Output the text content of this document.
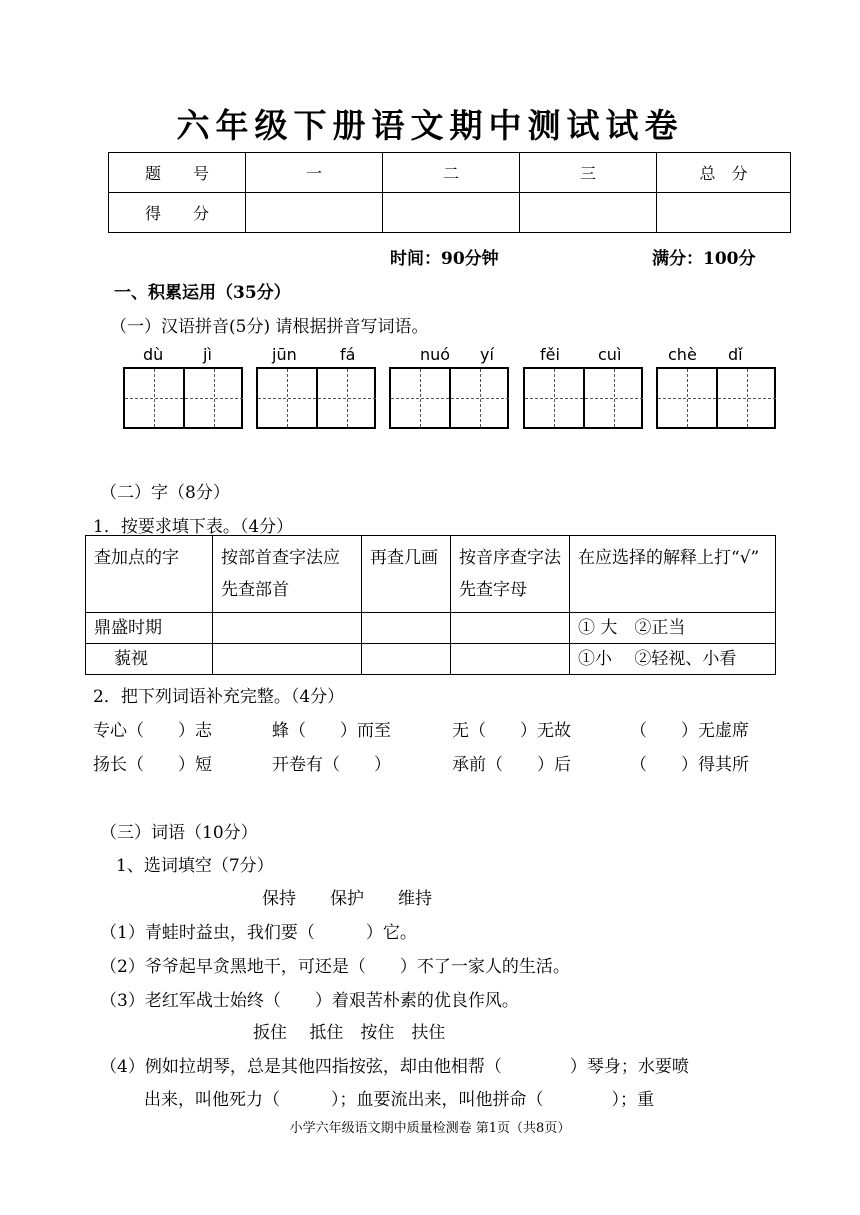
六年级下册语文期中测试试卷
题　　号	一	二	三	总　分
得　　分				
时间：90分钟	满分：100分
一、积累运用（35分）
（一）汉语拼音(5分) 请根据拼音写词语。
dù jì	jūn	fá	nuó yí	fěi cuì	chè dǐ
（二）字（8分）
1．按要求填下表。（4分）
查加点的字	按部首查字法应先查部首	再查几画	按音序查字法先查字母	在应选择的解释上打“√”
鼎盛时期				① 大　②正当
藐视				①小　 ②轻视、小看
2．把下列词语补充完整。（4分）
专心（　　）志	蜂（　　）而至	无（　　）无故	（　　）无虚席
扬长（　　）短	开卷有（　　）	承前（　　）后	（　　）得其所
（三）词语（10分）
1、选词填空（7分）
保持　　保护　　维持
（1）青蛙时益虫，我们要（　　　）它。
（2）爷爷起早贪黑地干，可还是（　　）不了一家人的生活。
（3）老红军战士始终（　　）着艰苦朴素的优良作风。
扳住　 抵住　按住　扶住
（4）例如拉胡琴，总是其他四指按弦，却由他相帮（　　　　）琴身；水要喷
出来，叫他死力（　　　）；血要流出来，叫他拼命（　　　　）；重
小学六年级语文期中质量检测卷 第1页（共8页）
